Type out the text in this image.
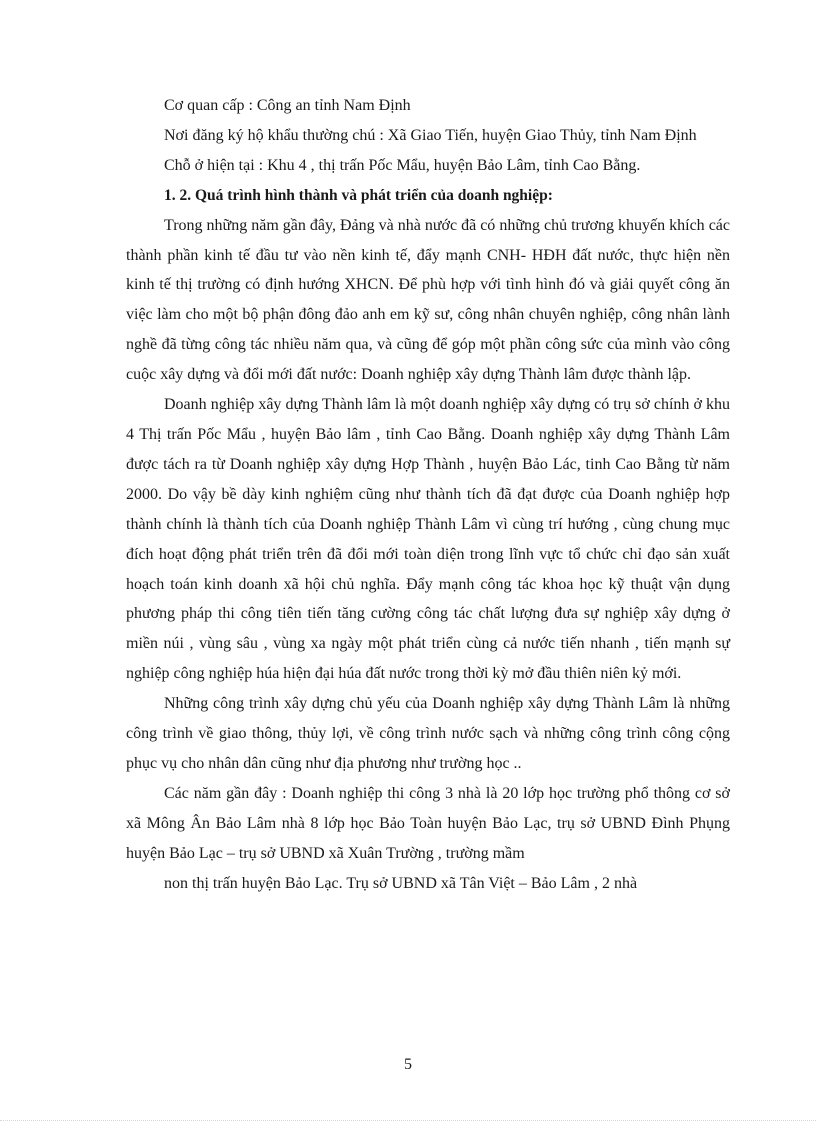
Cơ quan cấp : Công an tỉnh Nam Định

Nơi đăng ký hộ khẩu thường chú : Xã Giao Tiến, huyện Giao Thủy, tỉnh Nam Định

Chỗ ở hiện tại : Khu 4 , thị trấn Pốc Mẩu, huyện Bảo Lâm, tỉnh Cao Bằng.

1. 2. Quá trình hình thành và phát triển của doanh nghiệp:

Trong những năm gần đây, Đảng và nhà nước đã có những chủ trương khuyến khích các thành phần kinh tế đầu tư vào nền kinh tế, đẩy mạnh CNH- HĐH đất nước, thực hiện nền kinh tế thị trường có định hướng XHCN. Để phù hợp với tình hình đó và giải quyết công ăn việc làm cho một bộ phận đông đảo anh em kỹ sư, công nhân chuyên nghiệp, công nhân lành nghề đã từng công tác nhiều năm qua, và cũng để góp một phần công sức của mình vào công cuộc xây dựng và đổi mới đất nước: Doanh nghiệp xây dựng Thành lâm được thành lập.

Doanh nghiệp xây dựng Thành lâm là một doanh nghiệp xây dựng có trụ sở chính ở khu 4 Thị trấn Pốc Mẩu , huyện Bảo lâm , tỉnh Cao Bằng. Doanh nghiệp xây dựng Thành Lâm được tách ra từ Doanh nghiệp xây dựng Hợp Thành , huyện Bảo Lác, tinh Cao Bằng từ năm 2000. Do vậy bề dày kinh nghiệm cũng như thành tích đã đạt được của Doanh nghiệp hợp thành chính là thành tích của Doanh nghiệp Thành Lâm vì cùng trí hướng , cùng chung mục đích hoạt động phát triển trên đã đổi mới toàn diện trong lĩnh vực tổ chức chỉ đạo sản xuất hoạch toán kinh doanh xã hội chủ nghĩa. Đẩy mạnh công tác khoa học kỹ thuật vận dụng phương pháp thi công tiên tiến tăng cường công tác chất lượng đưa sự nghiệp xây dựng ở miền núi , vùng sâu , vùng xa ngày một phát triển cùng cả nước tiến nhanh , tiến mạnh sự nghiệp công nghiệp húa hiện đại húa đất nước trong thời kỳ mở đầu thiên niên kỷ mới.

Những công trình xây dựng chủ yếu của Doanh nghiệp xây dựng Thành Lâm là những công trình về giao thông, thủy lợi, về công trình nước sạch và những công trình công cộng phục vụ cho nhân dân cũng như địa phương như trường học ..

Các năm gần đây : Doanh nghiệp thi công 3 nhà là 20 lớp học trường phổ thông cơ sở xã Mông Ân Bảo Lâm nhà 8 lớp học Bảo Toàn huyện Bảo Lạc, trụ sở UBND Đình Phụng huyện Bảo Lạc – trụ sở UBND xã Xuân Trường , trường mầm

non thị trấn huyện Bảo Lạc. Trụ sở UBND xã Tân Việt – Bảo Lâm , 2 nhà

5
